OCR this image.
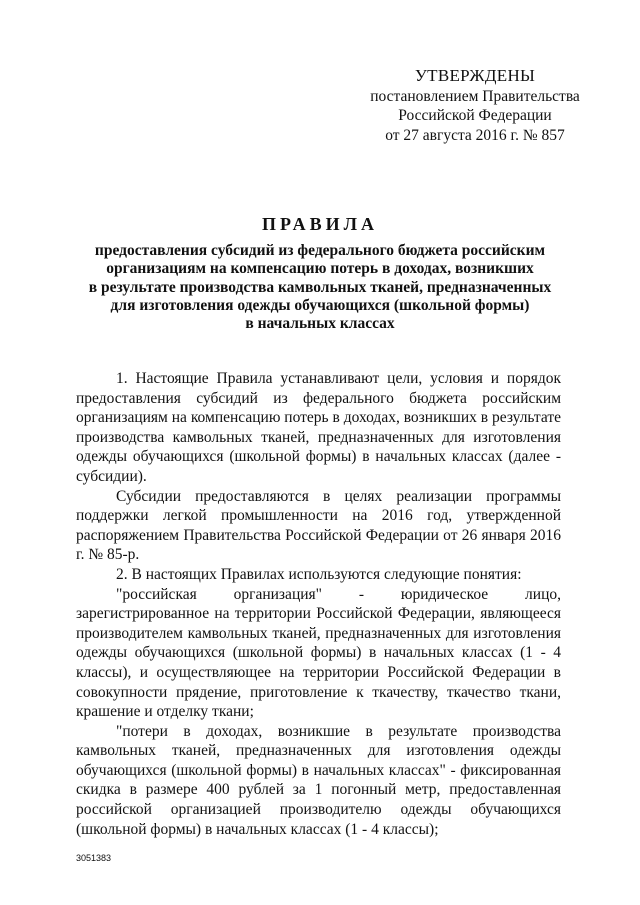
УТВЕРЖДЕНЫ
постановлением Правительства
Российской Федерации
от 27 августа 2016 г. № 857
ПРАВИЛА
предоставления субсидий из федерального бюджета российским
организациям на компенсацию потерь в доходах, возникших
в результате производства камвольных тканей, предназначенных
для изготовления одежды обучающихся (школьной формы)
в начальных классах

1. Настоящие Правила устанавливают цели, условия и порядок предоставления субсидий из федерального бюджета российским организациям на компенсацию потерь в доходах, возникших в результате производства камвольных тканей, предназначенных для изготовления одежды обучающихся (школьной формы) в начальных классах (далее - субсидии).

Субсидии предоставляются в целях реализации программы поддержки легкой промышленности на 2016 год, утвержденной распоряжением Правительства Российской Федерации от 26 января 2016 г. № 85-р.

2. В настоящих Правилах используются следующие понятия:

"российская организация" - юридическое лицо, зарегистрированное на территории Российской Федерации, являющееся производителем камвольных тканей, предназначенных для изготовления одежды обучающихся (школьной формы) в начальных классах (1 - 4 классы), и осуществляющее на территории Российской Федерации в совокупности прядение, приготовление к ткачеству, ткачество ткани, крашение и отделку ткани;

"потери в доходах, возникшие в результате производства камвольных тканей, предназначенных для изготовления одежды обучающихся (школьной формы) в начальных классах" - фиксированная скидка в размере 400 рублей за 1 погонный метр, предоставленная российской организацией производителю одежды обучающихся (школьной формы) в начальных классах (1 - 4 классы);

3051383
